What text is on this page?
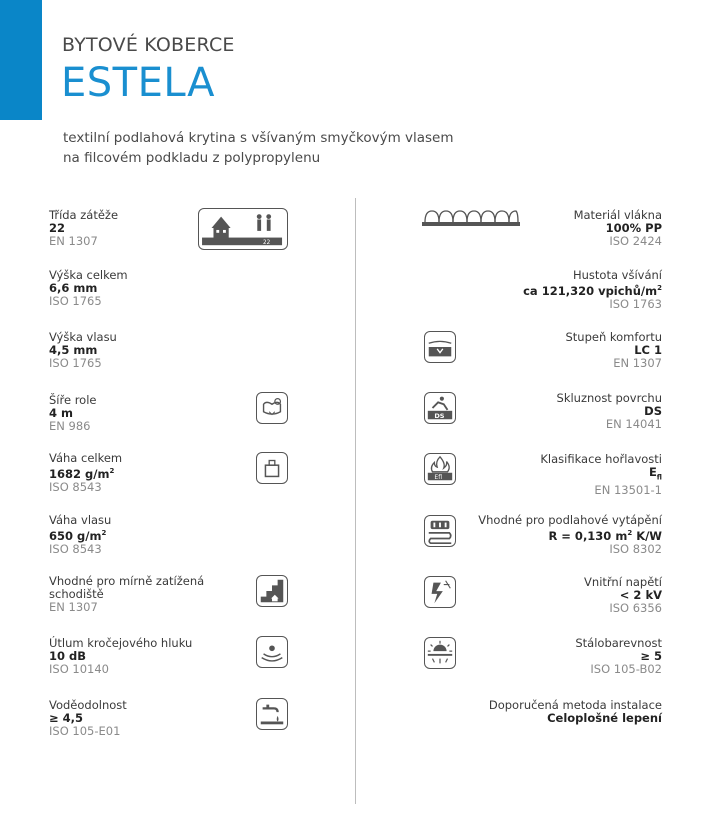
BYTOVÉ KOBERCE
ESTELA
textilní podlahová krytina s všívaným smyčkovým vlasem
na filcovém podkladu z polypropylenu
Třída zátěže
22
EN 1307	22
Výška celkem
6,6 mm
ISO 1765
Výška vlasu
4,5 mm
ISO 1765
Šíře role
4 m
EN 986
Váha celkem
1682 $g/m^2$
ISO 8543
Váha vlasu
650 $g/m^2$
ISO 8543
Vhodné pro mírně zatížená
schodiště
EN 1307
Útlum kročejového hluku
10 dB
ISO 10140
Voděodolnost
≥ 4,5
ISO 105-E01
Materiál vlákna
100% PP
ISO 2424
Hustota všívání
ca 121,320 vpichů/$m^2$
ISO 1763
Stupeň komfortu
LC 1
EN 1307
DS
Skluznost povrchu
DS
EN 14041
Efl
Klasifikace hořlavosti
$E_{fl}$
EN 13501-1
Vhodné pro podlahové vytápění
R = 0,130 $m^2$ K/W
ISO 8302
Vnitřní napětí
< 2 kV
ISO 6356
Stálobarevnost
≥ 5
ISO 105-B02
Doporučená metoda instalace
Celoplošné lepení
